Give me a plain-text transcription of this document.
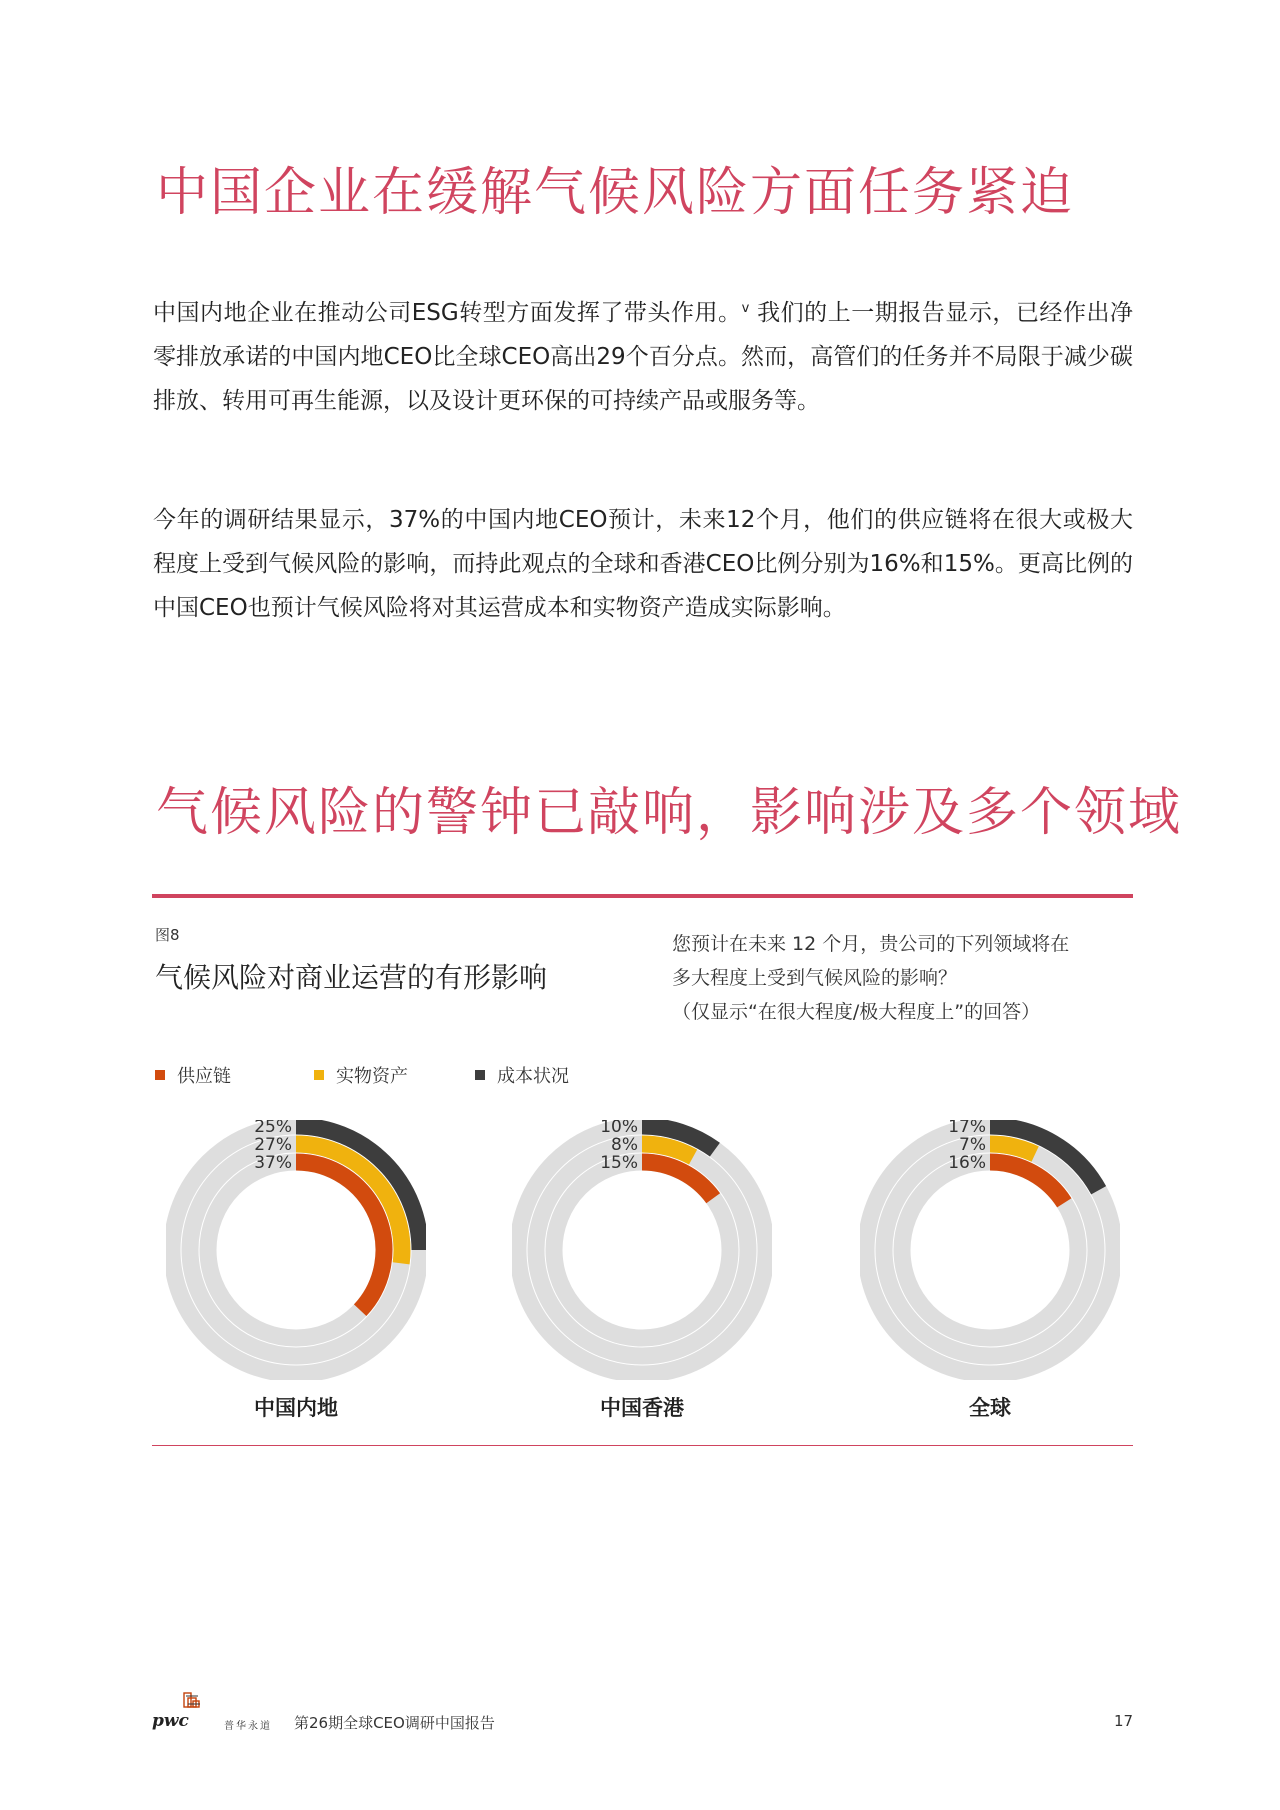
中国企业在缓解气候风险方面任务紧迫

中国内地企业在推动公司ESG转型方面发挥了带头作用。$^v$ 我们的上一期报告显示，已经作出净零排放承诺的中国内地CEO比全球CEO高出29个百分点。然而，高管们的任务并不局限于减少碳排放、转用可再生能源，以及设计更环保的可持续产品或服务等。

今年的调研结果显示，37%的中国内地CEO预计，未来12个月，他们的供应链将在很大或极大程度上受到气候风险的影响，而持此观点的全球和香港CEO比例分别为16%和15%。更高比例的中国CEO也预计气候风险将对其运营成本和实物资产造成实际影响。

气候风险的警钟已敲响，影响涉及多个领域
图8
气候风险对商业运营的有形影响
您预计在未来 12 个月，贵公司的下列领域将在
多大程度上受到气候风险的影响？
（仅显示“在很大程度/极大程度上”的回答）
供应链	实物资产	成本状况
37%
27%
25%
15%
8%
10%
16%
7%
17%
中国内地	中国香港	全球
pwc	普华永道 第26期全球CEO调研中国报告	17
